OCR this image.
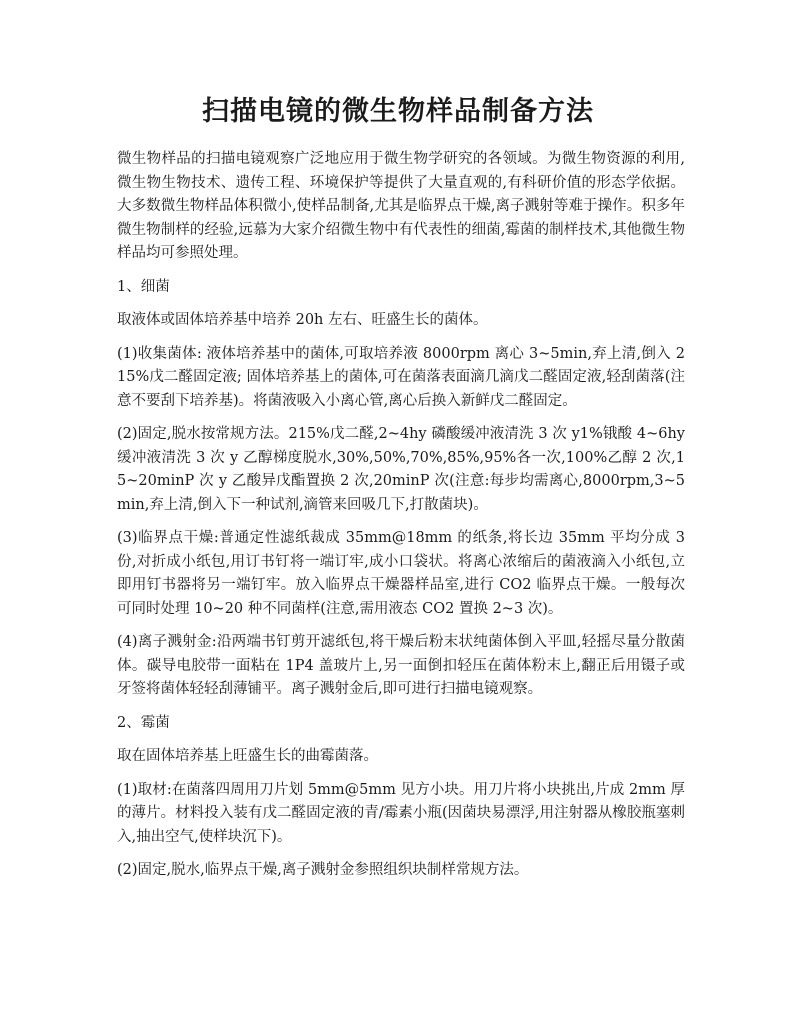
扫描电镜的微生物样品制备方法

微生物样品的扫描电镜观察广泛地应用于微生物学研究的各领域。为微生物资源的利用,微生物生物技术、遗传工程、环境保护等提供了大量直观的,有科研价值的形态学依据。 大多数微生物样品体积微小,使样品制备,尤其是临界点干燥,离子溅射等难于操作。积多年微生物制样的经验,远慕为大家介绍微生物中有代表性的细菌,霉菌的制样技术,其他微生物样品均可参照处理。

1、细菌

取液体或固体培养基中培养 20h 左右、旺盛生长的菌体。

(1)收集菌体: 液体培养基中的菌体,可取培养液 8000rpm 离心 3~5min,弃上清,倒入 215%戊二醛固定液; 固体培养基上的菌体,可在菌落表面滴几滴戊二醛固定液,轻刮菌落(注意不要刮下培养基)。将菌液吸入小离心管,离心后换入新鲜戊二醛固定。

(2)固定,脱水按常规方法。215%戊二醛,2~4hy 磷酸缓冲液清洗 3 次 y1%锇酸 4~6hy 缓冲液清洗 3 次 y 乙醇梯度脱水,30%,50%,70%,85%,95%各一次,100%乙醇 2 次,15~20minP 次 y 乙酸异戊酯置换 2 次,20minP 次(注意:每步均需离心,8000rpm,3~5min,弃上清,倒入下一种试剂,滴管来回吸几下,打散菌块)。

(3)临界点干燥:普通定性滤纸裁成 35mm@18mm 的纸条,将长边 35mm 平均分成 3 份,对折成小纸包,用订书钉将一端订牢,成小口袋状。将离心浓缩后的菌液滴入小纸包,立即用钉书器将另一端钉牢。放入临界点干燥器样品室,进行 CO2 临界点干燥。一般每次可同时处理 10~20 种不同菌样(注意,需用液态 CO2 置换 2~3 次)。

(4)离子溅射金:沿两端书钉剪开滤纸包,将干燥后粉末状纯菌体倒入平皿,轻摇尽量分散菌体。碳导电胶带一面粘在 1P4 盖玻片上,另一面倒扣轻压在菌体粉末上,翻正后用镊子或牙签将菌体轻轻刮薄铺平。离子溅射金后,即可进行扫描电镜观察。

2、霉菌

取在固体培养基上旺盛生长的曲霉菌落。

(1)取材:在菌落四周用刀片划 5mm@5mm 见方小块。用刀片将小块挑出,片成 2mm 厚的薄片。材料投入装有戊二醛固定液的青/霉素小瓶(因菌块易漂浮,用注射器从橡胶瓶塞刺入,抽出空气,使样块沉下)。

(2)固定,脱水,临界点干燥,离子溅射金参照组织块制样常规方法。
